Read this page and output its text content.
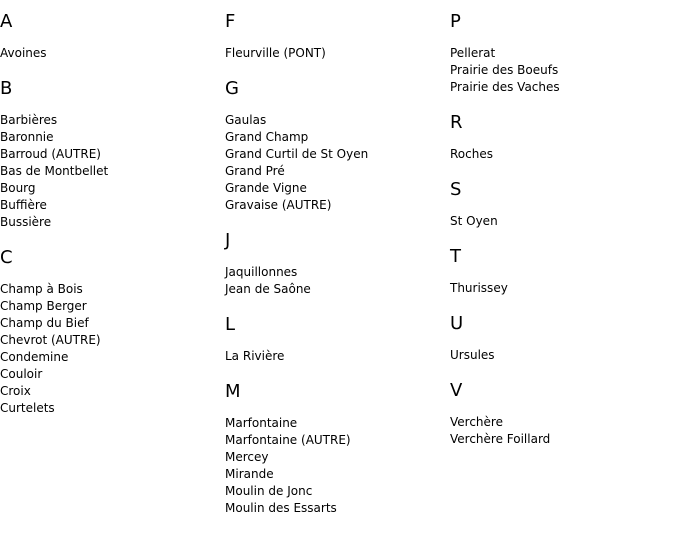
A
Avoines
B
Barbières
Baronnie
Barroud (AUTRE)
Bas de Montbellet
Bourg
Buffière
Bussière
C
Champ à Bois
Champ Berger
Champ du Bief
Chevrot (AUTRE)
Condemine
Couloir
Croix
Curtelets
F
Fleurville (PONT)
G
Gaulas
Grand Champ
Grand Curtil de St Oyen
Grand Pré
Grande Vigne
Gravaise (AUTRE)
J
Jaquillonnes
Jean de Saône
L
La Rivière
M
Marfontaine
Marfontaine (AUTRE)
Mercey
Mirande
Moulin de Jonc
Moulin des Essarts
P
Pellerat
Prairie des Boeufs
Prairie des Vaches
R
Roches
S
St Oyen
T
Thurissey
U
Ursules
V
Verchère
Verchère Foillard
